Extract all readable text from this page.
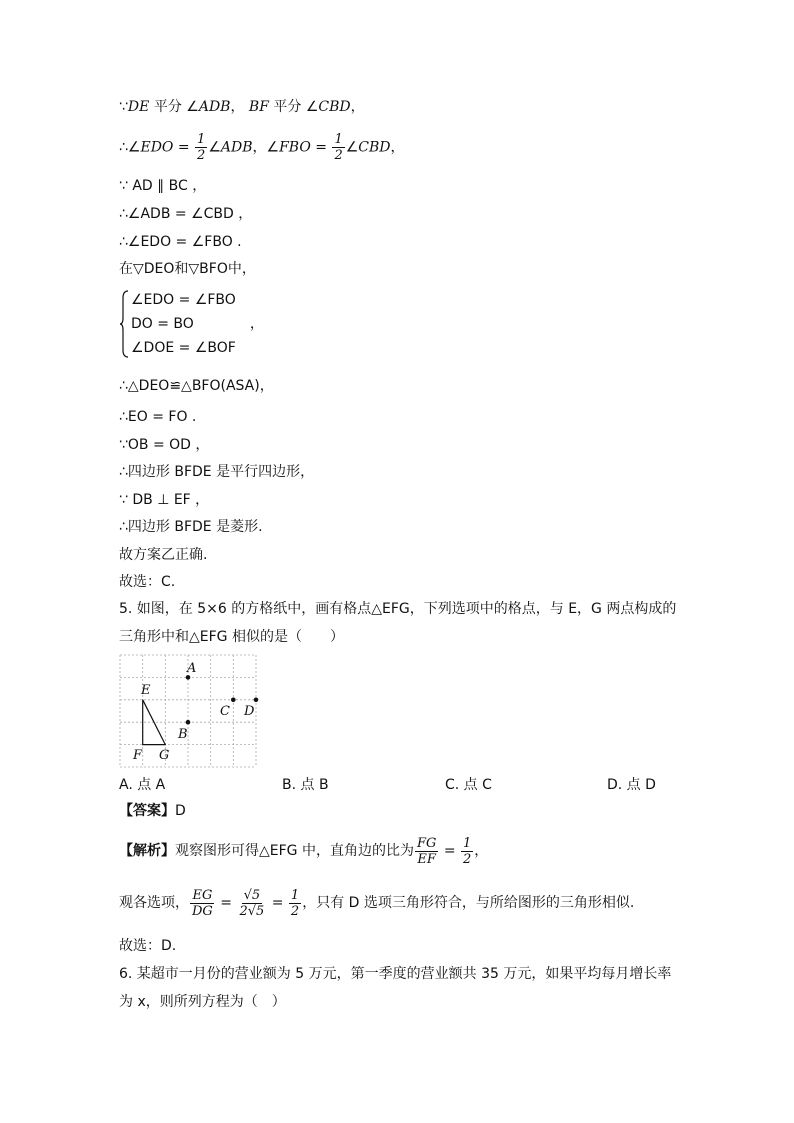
∵DE 平分 ∠ADB， BF 平分 ∠CBD，
∴∠EDO = $\frac{1}{2}$ ∠ADB，∠FBO = $\frac{1}{2}$ ∠CBD，
∵ AD ∥ BC ，
∴∠ADB = ∠CBD ，
∴∠EDO = ∠FBO .
在▽DEO和▽BFO中，
∠EDO = ∠FBO
DO = BO	，
∠DOE = ∠BOF
∴△DEO≌△BFO(ASA)，
∴EO = FO .
∵OB = OD ，
∴四边形 BFDE 是平行四边形，
∵ DB ⊥ EF ，
∴四边形 BFDE 是菱形.
故方案乙正确.
故选：C.
5. 如图，在 5×6 的方格纸中，画有格点△EFG，下列选项中的格点，与 E，G 两点构成的
三角形中和△EFG 相似的是（　　）
E
F G
A
B
C D
A. 点 A	B. 点 B	C. 点 C	D. 点 D
【答案】D
【解析】观察图形可得△EFG 中，直角边的比为 $\frac{FG}{EF} = \frac{1}{2}$ ，
观各选项， $\frac{EG}{DG} = \frac{√5}{2√5} = \frac{1}{2}$ ，只有 D 选项三角形符合，与所给图形的三角形相似.
故选：D.
6. 某超市一月份的营业额为 5 万元，第一季度的营业额共 35 万元，如果平均每月增长率
为 x，则所列方程为（　）
